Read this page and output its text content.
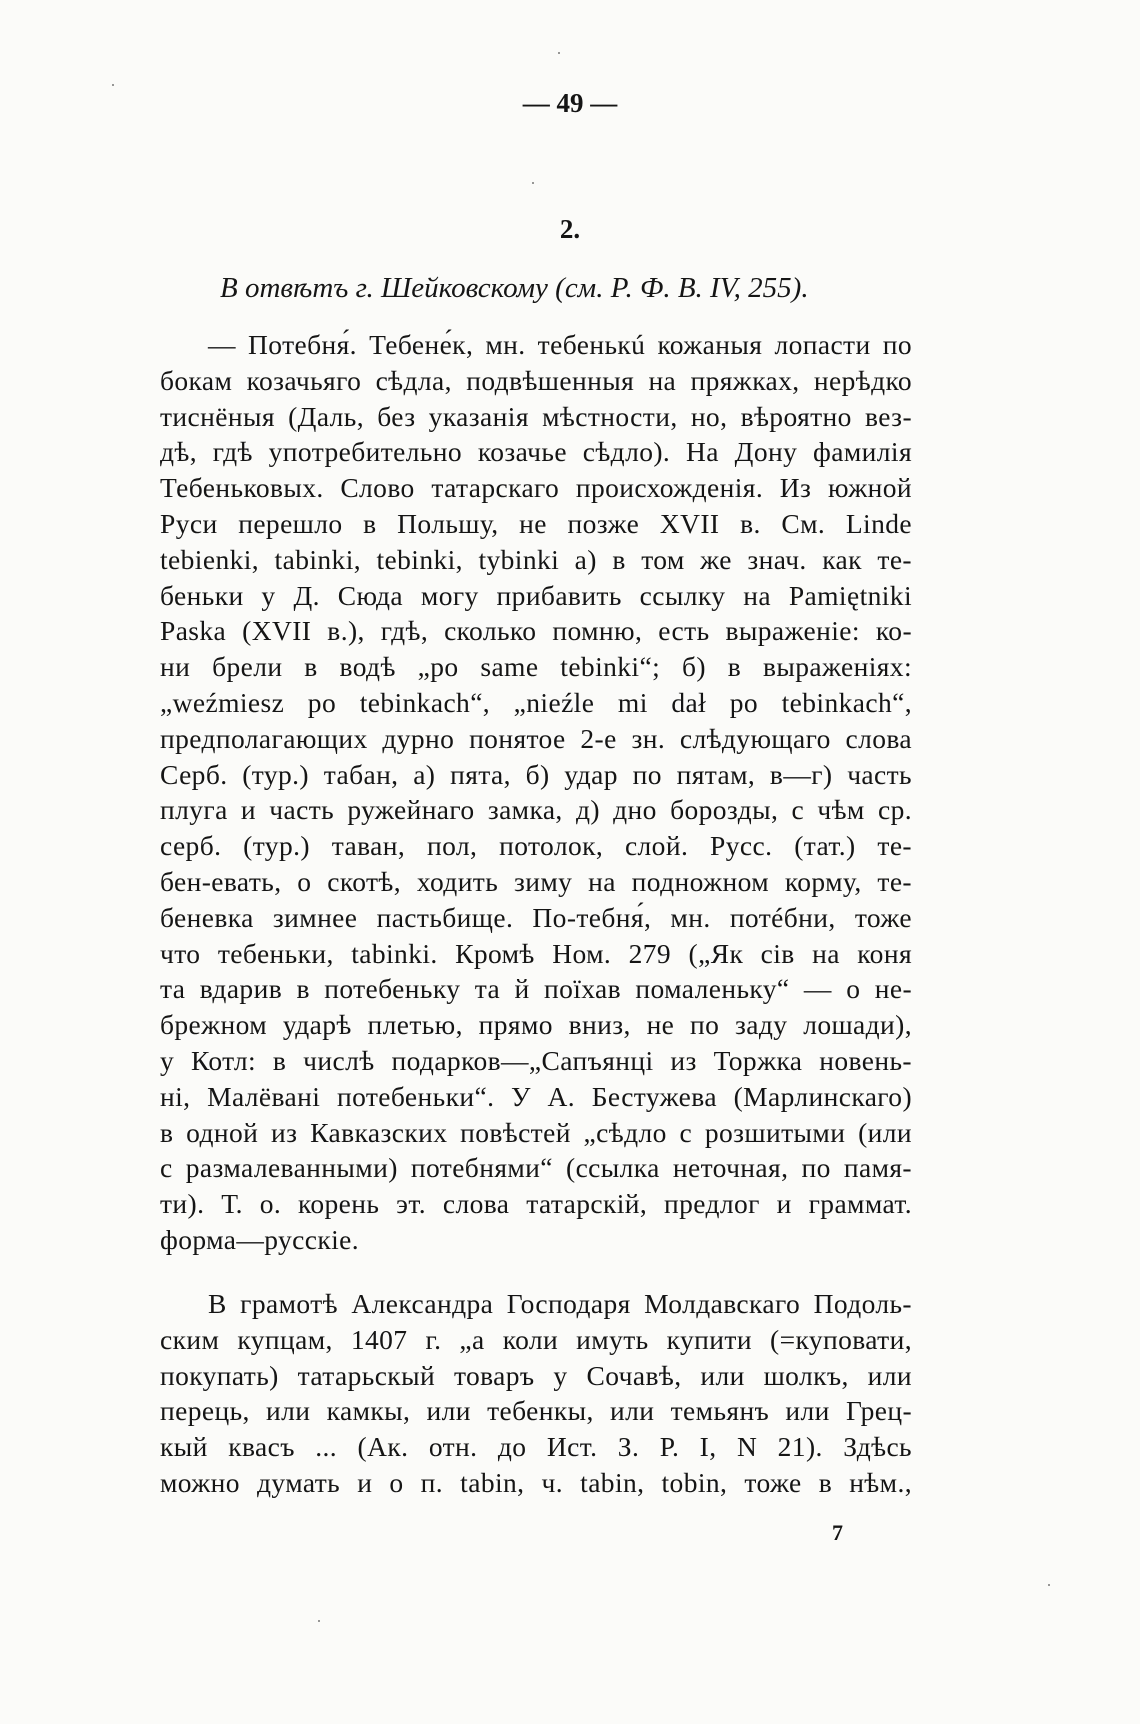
— 49 —
2.
В отвѣтъ г. Шейковскому (см. Р. Ф. В. IV, 255).
— Потебня́. Тебене́к, мн. тебенькú кожаныя лопасти по
бокам козачьяго сѣдла, подвѣшенныя на пряжках, нерѣдко
тиснёныя (Даль, без указанія мѣстности, но, вѣроятно вез-
дѣ, гдѣ употребительно козачье сѣдло). На Дону фамилія
Тебеньковых. Слово татарскаго происхожденія. Из южной
Руси перешло в Польшу, не позже XVII в. См. Linde
tebienki, tabinki, tebinki, tybinki а) в том же знач. как те-
беньки у Д. Сюда могу прибавить ссылку на Pamiętniki
Paska (XVII в.), гдѣ, сколько помню, есть выраженіе: ко-
ни брели в водѣ „po same tebinki“; б) в выраженіях:
„weźmiesz po tebinkach“, „nieźle mi dał po tebinkach“,
предполагающих дурно понятое 2-е зн. слѣдующаго слова
Серб. (тур.) табан, а) пята, б) удар по пятам, в—г) часть
плуга и часть ружейнаго замка, д) дно борозды, с чѣм ср.
серб. (тур.) таван, пол, потолок, слой. Русс. (тат.) те-
бен-евать, о скотѣ, ходить зиму на подножном корму, те-
беневка зимнее пастьбище. По-тебня́, мн. потéбни, тоже
что тебеньки, tabinki. Кромѣ Ном. 279 („Як сів на коня
та вдарив в потебеньку та й поїхав помаленьку“ — о не-
брежном ударѣ плетью, прямо вниз, не по заду лошади),
у Котл: в числѣ подарков—„Сапъянці из Торжка новень-
ні, Малёвані потебеньки“. У А. Бестужева (Марлинскаго)
в одной из Кавказских повѣстей „сѣдло с розшитыми (или
с размалеванными) потебнями“ (ссылка неточная, по памя-
ти). Т. о. корень эт. слова татарскій, предлог и граммат.
форма—русскіе.
В грамотѣ Александра Господаря Молдавскаго Подоль-
ским купцам, 1407 г. „а коли имуть купити (=куповати,
покупать) татарьскый товаръ у Сочавѣ, или шолкъ, или
перець, или камкы, или тебенкы, или темьянъ или Грец-
кый квасъ ... (Ак. отн. до Ист. З. Р. I, N 21). Здѣсь
можно думать и о п. tabin, ч. tabin, tobin, тоже в нѣм.,
7
